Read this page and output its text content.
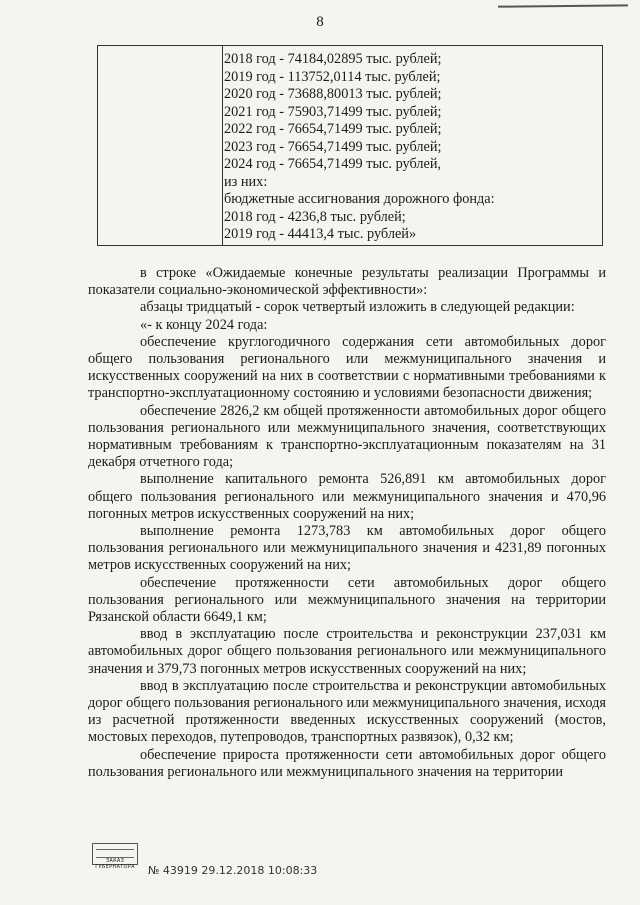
8
2018 год - 74184,02895 тыс. рублей;
2019 год - 113752,0114 тыс. рублей;
2020 год - 73688,80013 тыс. рублей;
2021 год - 75903,71499 тыс. рублей;
2022 год - 76654,71499 тыс. рублей;
2023 год - 76654,71499 тыс. рублей;
2024 год - 76654,71499 тыс. рублей,
из них:
бюджетные ассигнования дорожного фонда:
2018 год - 4236,8 тыс. рублей;
2019 год - 44413,4 тыс. рублей»

в строке «Ожидаемые конечные результаты реализации Программы и показатели социально-экономической эффективности»:

абзацы тридцатый - сорок четвертый изложить в следующей редакции:

«- к концу 2024 года:

обеспечение круглогодичного содержания сети автомобильных дорог общего пользования регионального или межмуниципального значения и искусственных сооружений на них в соответствии с нормативными требованиями к транспортно-эксплуатационному состоянию и условиями безопасности движения;

обеспечение 2826,2 км общей протяженности автомобильных дорог общего пользования регионального или межмуниципального значения, соответствующих нормативным требованиям к транспортно-эксплуатационным показателям на 31 декабря отчетного года;

выполнение капитального ремонта 526,891 км автомобильных дорог общего пользования регионального или межмуниципального значения и 470,96 погонных метров искусственных сооружений на них;

выполнение ремонта 1273,783 км автомобильных дорог общего пользования регионального или межмуниципального значения и 4231,89 погонных метров искусственных сооружений на них;

обеспечение протяженности сети автомобильных дорог общего пользования регионального или межмуниципального значения на территории Рязанской области 6649,1 км;

ввод в эксплуатацию после строительства и реконструкции 237,031 км автомобильных дорог общего пользования регионального или межмуниципального значения и 379,73 погонных метров искусственных сооружений на них;

ввод в эксплуатацию после строительства и реконструкции автомобильных дорог общего пользования регионального или межмуниципального значения, исходя из расчетной протяженности введенных искусственных сооружений (мостов, мостовых переходов, путепроводов, транспортных развязок), 0,32 км;

обеспечение прироста протяженности сети автомобильных дорог общего пользования регионального или межмуниципального значения на территории

ЗАКАЗ ГУБЕРНАТОРА № 43919 29.12.2018 10:08:33
